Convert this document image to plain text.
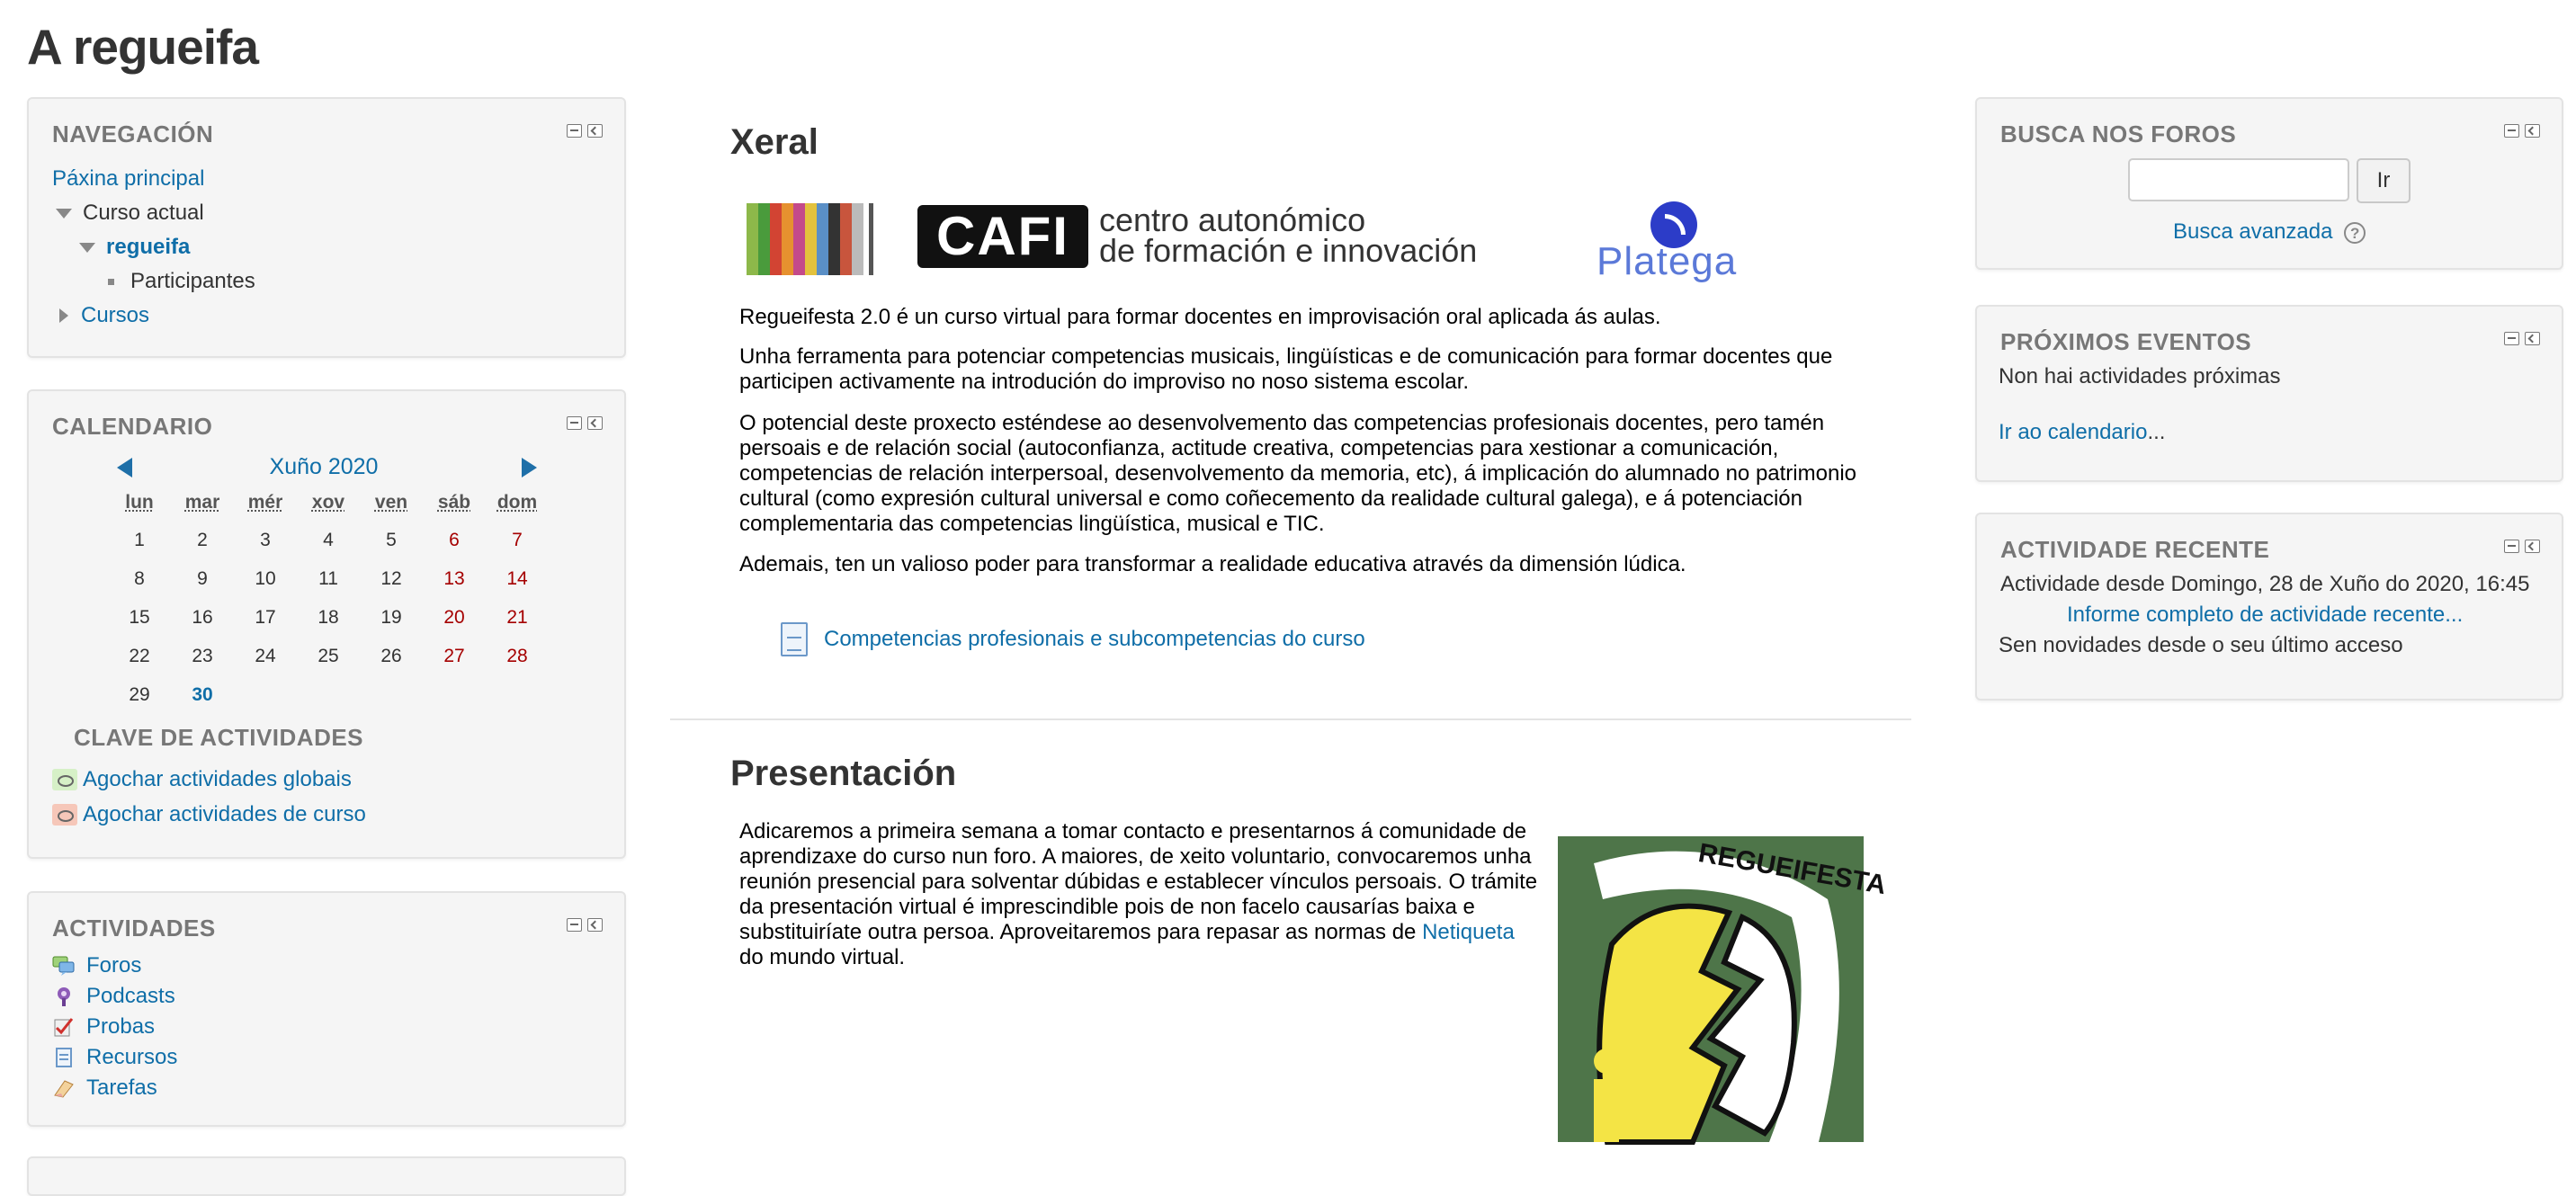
A regueifa
NAVEGACIÓN
Páxina principal
Curso actual
regueifa
Participantes
Cursos
CALENDARIO
Xuño 2020
lun	mar	mér	xov	ven	sáb	dom
1	2	3	4	5	6	7
8	9	10	11	12	13	14
15	16	17	18	19	20	21
22	23	24	25	26	27	28
29	30					
CLAVE DE ACTIVIDADES
Agochar actividades globais
Agochar actividades de curso
ACTIVIDADES
Foros
Podcasts
Probas
Recursos
Tarefas
Xeral
CAFI centro autonómico
de formación e innovación	Platega

Regueifesta 2.0 é un curso virtual para formar docentes en improvisación oral aplicada ás aulas.

Unha ferramenta para potenciar competencias musicais, lingüísticas e de comunicación para formar docentes que participen activamente na introdución do improviso no noso sistema escolar.

O potencial deste proxecto esténdese ao desenvolvemento das competencias profesionais docentes, pero tamén persoais e de relación social (autoconfianza, actitude creativa, competencias para xestionar a comunicación, competencias de relación interpersoal, desenvolvemento da memoria, etc), á implicación do alumnado no patrimonio cultural (como expresión cultural universal e como coñecemento da realidade cultural galega), e á potenciación complementaria das competencias lingüística, musical e TIC.

Ademais, ten un valioso poder para transformar a realidade educativa através da dimensión lúdica.

Competencias profesionais e subcompetencias do curso
Presentación

Adicaremos a primeira semana a tomar contacto e presentarnos á comunidade de aprendizaxe do curso nun foro. A maiores, de xeito voluntario, convocaremos unha reunión presencial para solventar dúbidas e establecer vínculos persoais. O trámite da presentación virtual é imprescindible pois de non facelo causarías baixa e substituiríate outra persoa. Aproveitaremos para repasar as normas de Netiqueta do mundo virtual.

REGUEIFESTA
BUSCA NOS FOROS
Ir
Busca avanzada ?
PRÓXIMOS EVENTOS
Non hai actividades próximas
Ir ao calendario...
ACTIVIDADE RECENTE
Actividade desde Domingo, 28 de Xuño do 2020, 16:45
Informe completo de actividade recente...
Sen novidades desde o seu último acceso
